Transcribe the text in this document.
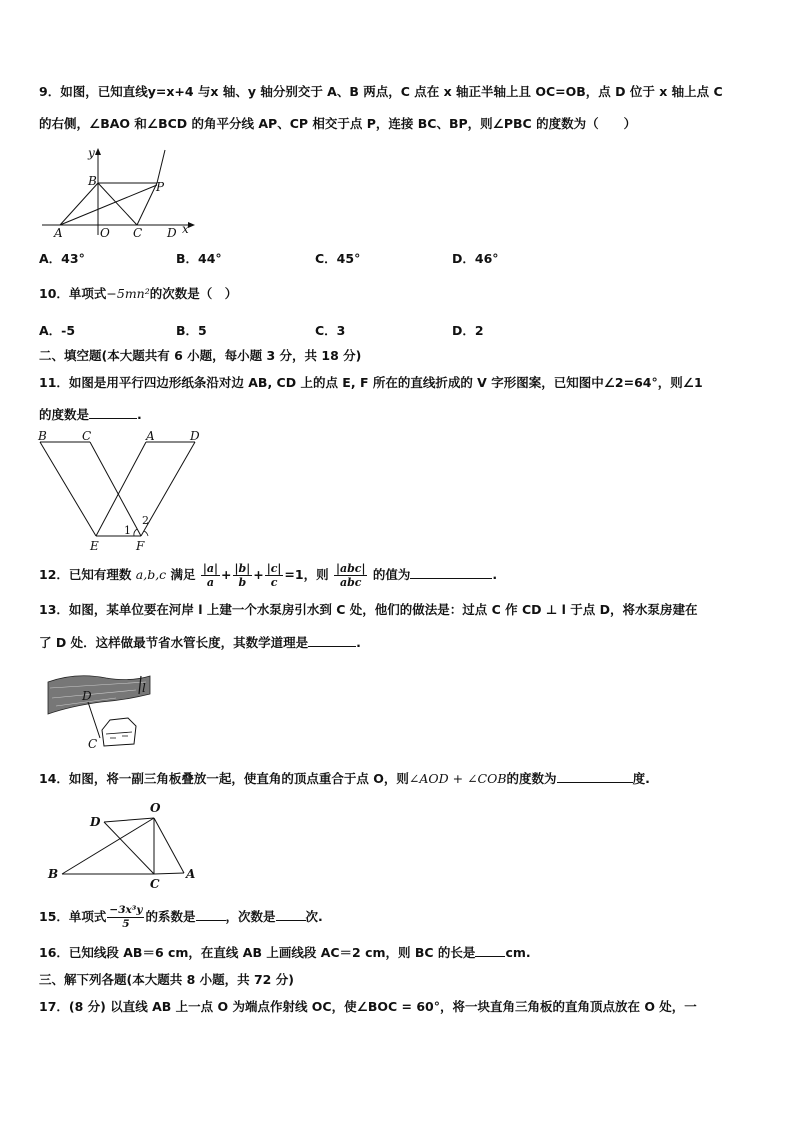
9．如图，已知直线y=x+4 与x 轴、y 轴分别交于 A、B 两点，C 点在 x 轴正半轴上且 OC=OB，点 D 位于 x 轴上点 C
的右侧，∠BAO 和∠BCD 的角平分线 AP、CP 相交于点 P，连接 BC、BP，则∠PBC 的度数为（　　）
y
B	P
A	O C D x
A．43°	B．44°	C．45°	D．46°
10．单项式−5mn²的次数是（　）
A．-5	B．5	C．3	D．2
二、填空题(本大题共有 6 小题，每小题 3 分，共 18 分)
11．如图是用平行四边形纸条沿对边 AB, CD 上的点 E, F 所在的直线折成的 V 字形图案，已知图中∠2=64°，则∠1
的度数是	.
B	C	A	D
E	F
1
2
12．已知有理数 a,b,c 满足 $\frac{|a|}{a} + \frac{|b|}{b} + \frac{|c|}{c} =1$，则 $\frac{\text{|abc|}}{\text{abc}}$ 的值为	.
13．如图，某单位要在河岸 l 上建一个水泵房引水到 C 处，他们的做法是：过点 C 作 CD ⊥ l 于点 D，将水泵房建在
了 D 处．这样做最节省水管长度，其数学道理是	.
D
l
C
14．如图，将一副三角板叠放一起，使直角的顶点重合于点 O，则∠AOD + ∠COB的度数为	度.
O
D
B
C
A
15．单项式 $\frac{\text{−3x³y}}{5}$ 的系数是 ，次数是 次.
16．已知线段 AB＝6 cm，在直线 AB 上画线段 AC＝2 cm，则 BC 的长是 cm.
三、解下列各题(本大题共 8 小题，共 72 分)
17．(8 分) 以直线 AB 上一点 O 为端点作射线 OC，使∠BOC = 60°，将一块直角三角板的直角顶点放在 O 处，一
